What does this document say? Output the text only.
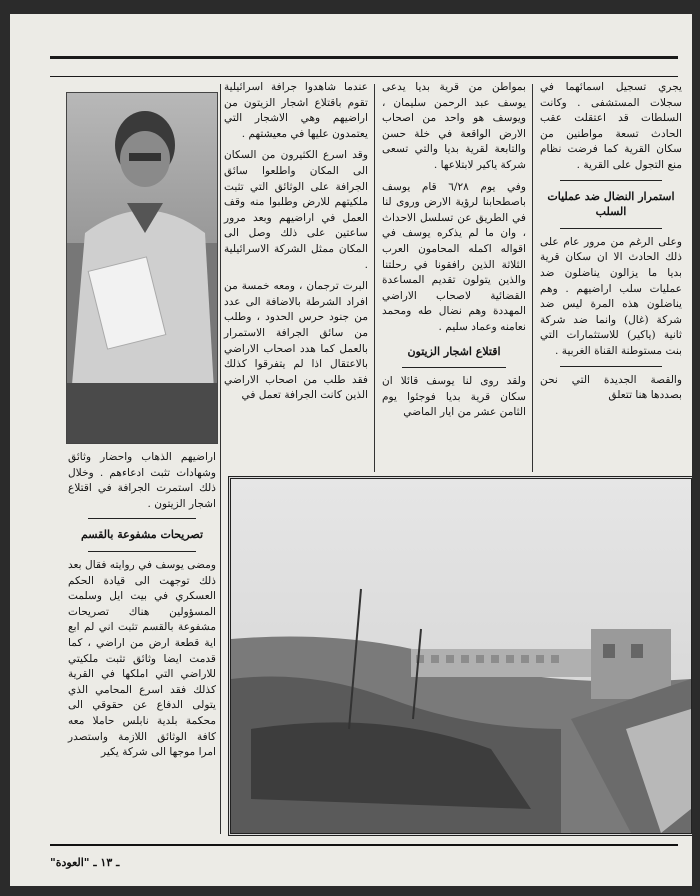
يجري تسجيل اسمائهما في سجلات المستشفى . وكانت السلطات قد اعتقلت عقب الحادث تسعة مواطنين من سكان القرية كما فرضت نظام منع التجول على القرية .

استمرار النضال ضد عمليات السلب

وعلى الرغم من مرور عام على ذلك الحادث الا ان سكان قرية بديا ما يزالون يناضلون ضد عمليات سلب اراضيهم . وهم يناضلون هذه المرة ليس ضد شركة (غال) وانما ضد شركة ثانية (ياكير) للاستثمارات التي بنت مستوطنة القناة الغربية .

والقصة الجديدة التي نحن بصددها هنا تتعلق

بمواطن من قرية بديا يدعى يوسف عبد الرحمن سليمان ، ويوسف هو واحد من اصحاب الارض الواقعة في خلة حسن والتابعة لقرية بديا والتي تسعى شركة ياكير لابتلاعها .

وفي يوم ٦/٢٨ قام يوسف باصطحابنا لرؤية الارض وروى لنا في الطريق عن تسلسل الاحداث ، وان ما لم يذكره يوسف في اقواله اكمله المحامون العرب الثلاثة الذين رافقونا في رحلتنا والذين يتولون تقديم المساعدة القضائية لاصحاب الاراضي المهددة وهم نضال طه ومحمد نعامنه وعماد سليم .

اقتلاع اشجار الزيتون

ولقد روى لنا يوسف قائلا ان سكان قرية بديا فوجئوا يوم الثامن عشر من ايار الماضي

عندما شاهدوا جرافة اسرائيلية تقوم باقتلاع اشجار الزيتون من اراضيهم وهي الاشجار التي يعتمدون عليها في معيشتهم .

وقد اسرع الكثيرون من السكان الى المكان واطلعوا سائق الجرافة على الوثائق التي تثبت ملكيتهم للارض وطلبوا منه وقف العمل في اراضيهم وبعد مرور ساعتين على ذلك وصل الى المكان ممثل الشركة الاسرائيلية .

البرت ترجمان ، ومعه خمسة من افراد الشرطة بالاضافة الى عدد من جنود حرس الحدود ، وطلب من سائق الجرافة الاستمرار بالعمل كما هدد اصحاب الاراضي بالاعتقال اذا لم يتفرقوا كذلك فقد طلب من اصحاب الاراضي الذين كانت الجرافة تعمل في

اراضيهم الذهاب واحضار وثائق وشهادات تثبت ادعاءهم . وخلال ذلك استمرت الجرافة في اقتلاع اشجار الزيتون .

تصريحات مشفوعة بالقسم

ومضى يوسف في روايته فقال بعد ذلك توجهت الى قيادة الحكم العسكري في بيت ايل وسلمت المسؤولين هناك تصريحات مشفوعة بالقسم تثبت اني لم ابع اية قطعة ارض من اراضي ، كما قدمت ايضا وثائق تثبت ملكيتي للاراضي التي املكها في القرية كذلك فقد اسرع المحامي الذي يتولى الدفاع عن حقوقي الى محكمة بلدية نابلس حاملا معه كافة الوثائق اللازمة واستصدر امرا موجها الى شركة يكير

ـ ١٣ ـ "العودة"
